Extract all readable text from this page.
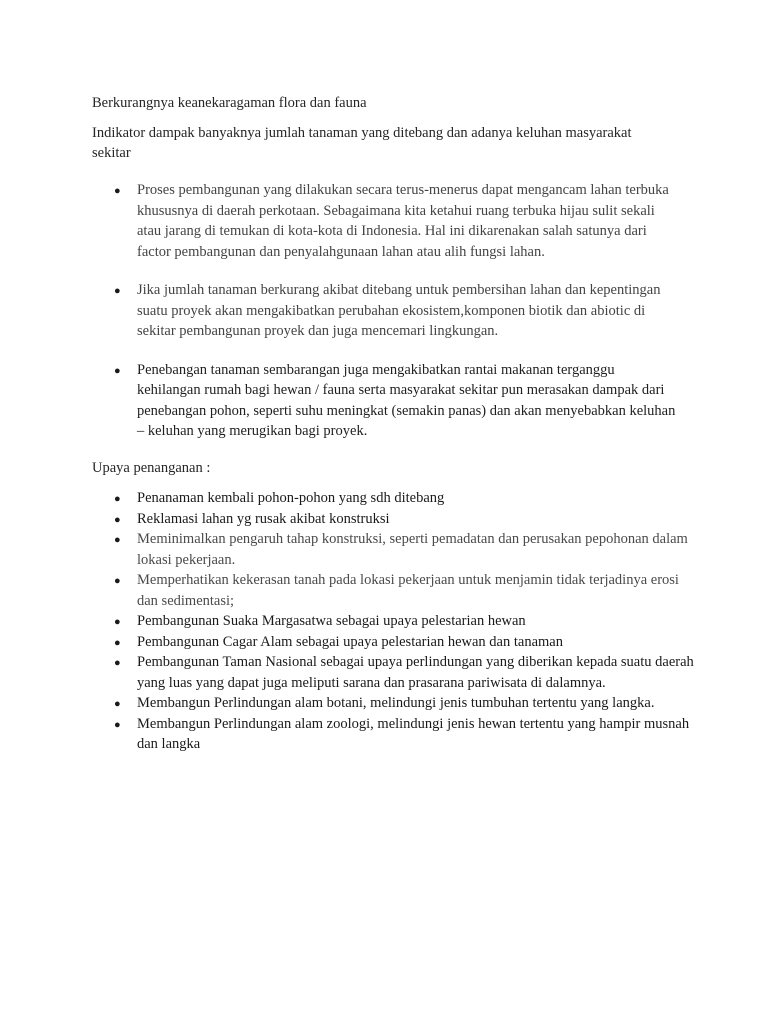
Berkurangnya keanekaragaman flora dan fauna
Indikator dampak banyaknya jumlah tanaman yang ditebang dan adanya keluhan masyarakat sekitar
● Proses pembangunan yang dilakukan secara terus-menerus dapat mengancam lahan terbuka khususnya di daerah perkotaan. Sebagaimana kita ketahui ruang terbuka hijau sulit sekali atau jarang di temukan di kota-kota di Indonesia. Hal ini dikarenakan salah satunya dari factor pembangunan dan penyalahgunaan lahan atau alih fungsi lahan.
● Jika jumlah tanaman berkurang akibat ditebang untuk pembersihan lahan dan kepentingan suatu proyek akan mengakibatkan perubahan ekosistem,komponen biotik dan abiotic di sekitar pembangunan proyek dan juga mencemari lingkungan.
● Penebangan tanaman sembarangan juga mengakibatkan rantai makanan terganggu kehilangan rumah bagi hewan / fauna serta masyarakat sekitar pun merasakan dampak dari penebangan pohon, seperti suhu meningkat (semakin panas) dan akan menyebabkan keluhan – keluhan yang merugikan bagi proyek.
Upaya penanganan :
● Penanaman kembali pohon-pohon yang sdh ditebang
● Reklamasi lahan yg rusak akibat konstruksi
● Meminimalkan pengaruh tahap konstruksi, seperti pemadatan dan perusakan pepohonan dalam lokasi pekerjaan.
● Memperhatikan kekerasan tanah pada lokasi pekerjaan untuk menjamin tidak terjadinya erosi dan sedimentasi;
● Pembangunan Suaka Margasatwa sebagai upaya pelestarian hewan
● Pembangunan Cagar Alam sebagai upaya pelestarian hewan dan tanaman
● Pembangunan Taman Nasional sebagai upaya perlindungan yang diberikan kepada suatu daerah yang luas yang dapat juga meliputi sarana dan prasarana pariwisata di dalamnya.
● Membangun Perlindungan alam botani, melindungi jenis tumbuhan tertentu yang langka.
● Membangun Perlindungan alam zoologi, melindungi jenis hewan tertentu yang hampir musnah dan langka
